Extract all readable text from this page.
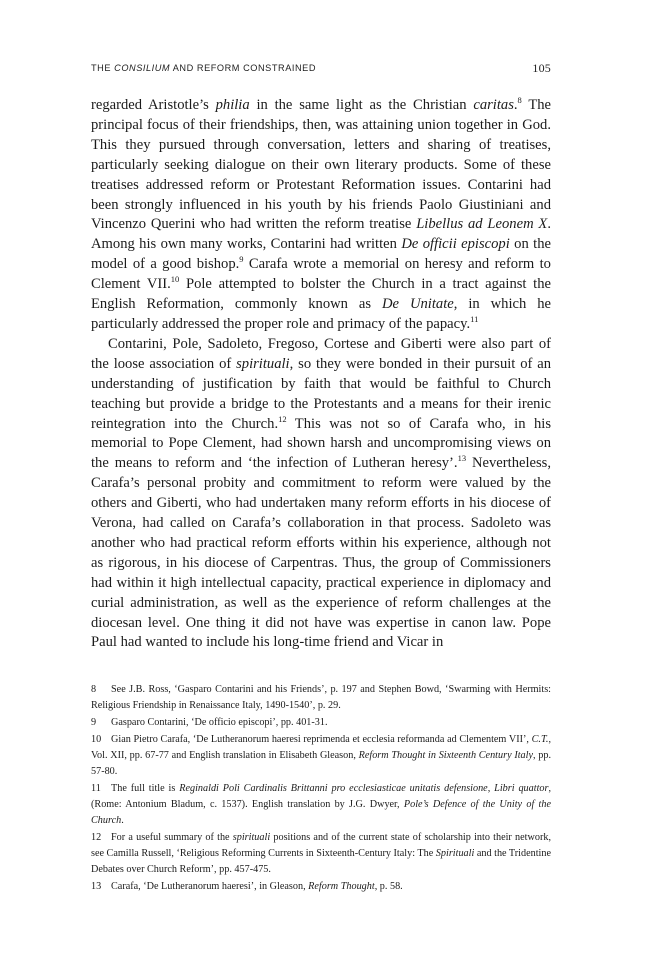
THE CONSILIUM AND REFORM CONSTRAINED	105

regarded Aristotle’s philia in the same light as the Christian caritas.$^8$ The principal focus of their friendships, then, was attaining union together in God. This they pursued through conversation, letters and sharing of treatises, particularly seeking dialogue on their own literary products. Some of these treatises addressed reform or Protestant Reformation issues. Contarini had been strongly influenced in his youth by his friends Paolo Giustiniani and Vincenzo Querini who had written the reform treatise Libellus ad Leonem X. Among his own many works, Contarini had written De officii episcopi on the model of a good bishop.$^9$ Carafa wrote a memorial on heresy and reform to Clement VII.$^{10}$ Pole attempted to bolster the Church in a tract against the English Reformation, commonly known as De Unitate, in which he particularly addressed the proper role and primacy of the papacy.$^{11}$

Contarini, Pole, Sadoleto, Fregoso, Cortese and Giberti were also part of the loose association of spirituali, so they were bonded in their pursuit of an understanding of justification by faith that would be faithful to Church teaching but provide a bridge to the Protestants and a means for their irenic reintegration into the Church.$^{12}$ This was not so of Carafa who, in his memorial to Pope Clement, had shown harsh and uncompromising views on the means to reform and ‘the infection of Lutheran heresy’.$^{13}$ Nevertheless, Carafa’s personal probity and commitment to reform were valued by the others and Giberti, who had undertaken many reform efforts in his diocese of Verona, had called on Carafa’s collaboration in that process. Sadoleto was another who had practical reform efforts within his experience, although not as rigorous, in his diocese of Carpentras. Thus, the group of Commissioners had within it high intellectual capacity, practical experience in diplomacy and curial administration, as well as the experience of reform challenges at the diocesan level. One thing it did not have was expertise in canon law. Pope Paul had wanted to include his long-time friend and Vicar in

8 See J.B. Ross, ‘Gasparo Contarini and his Friends’, p. 197 and Stephen Bowd, ‘Swarming with Hermits: Religious Friendship in Renaissance Italy, 1490-1540’, p. 29.
9 Gasparo Contarini, ‘De officio episcopi’, pp. 401-31.
10 Gian Pietro Carafa, ‘De Lutheranorum haeresi reprimenda et ecclesia reformanda ad Clementem VII’, C.T., Vol. XII, pp. 67-77 and English translation in Elisabeth Gleason, Reform Thought in Sixteenth Century Italy, pp. 57-80.
11 The full title is Reginaldi Poli Cardinalis Brittanni pro ecclesiasticae unitatis defensione, Libri quattor, (Rome: Antonium Bladum, c. 1537). English translation by J.G. Dwyer, Pole’s Defence of the Unity of the Church.
12 For a useful summary of the spirituali positions and of the current state of scholarship into their network, see Camilla Russell, ‘Religious Reforming Currents in Sixteenth-Century Italy: The Spirituali and the Tridentine Debates over Church Reform’, pp. 457-475.
13 Carafa, ‘De Lutheranorum haeresi’, in Gleason, Reform Thought, p. 58.
